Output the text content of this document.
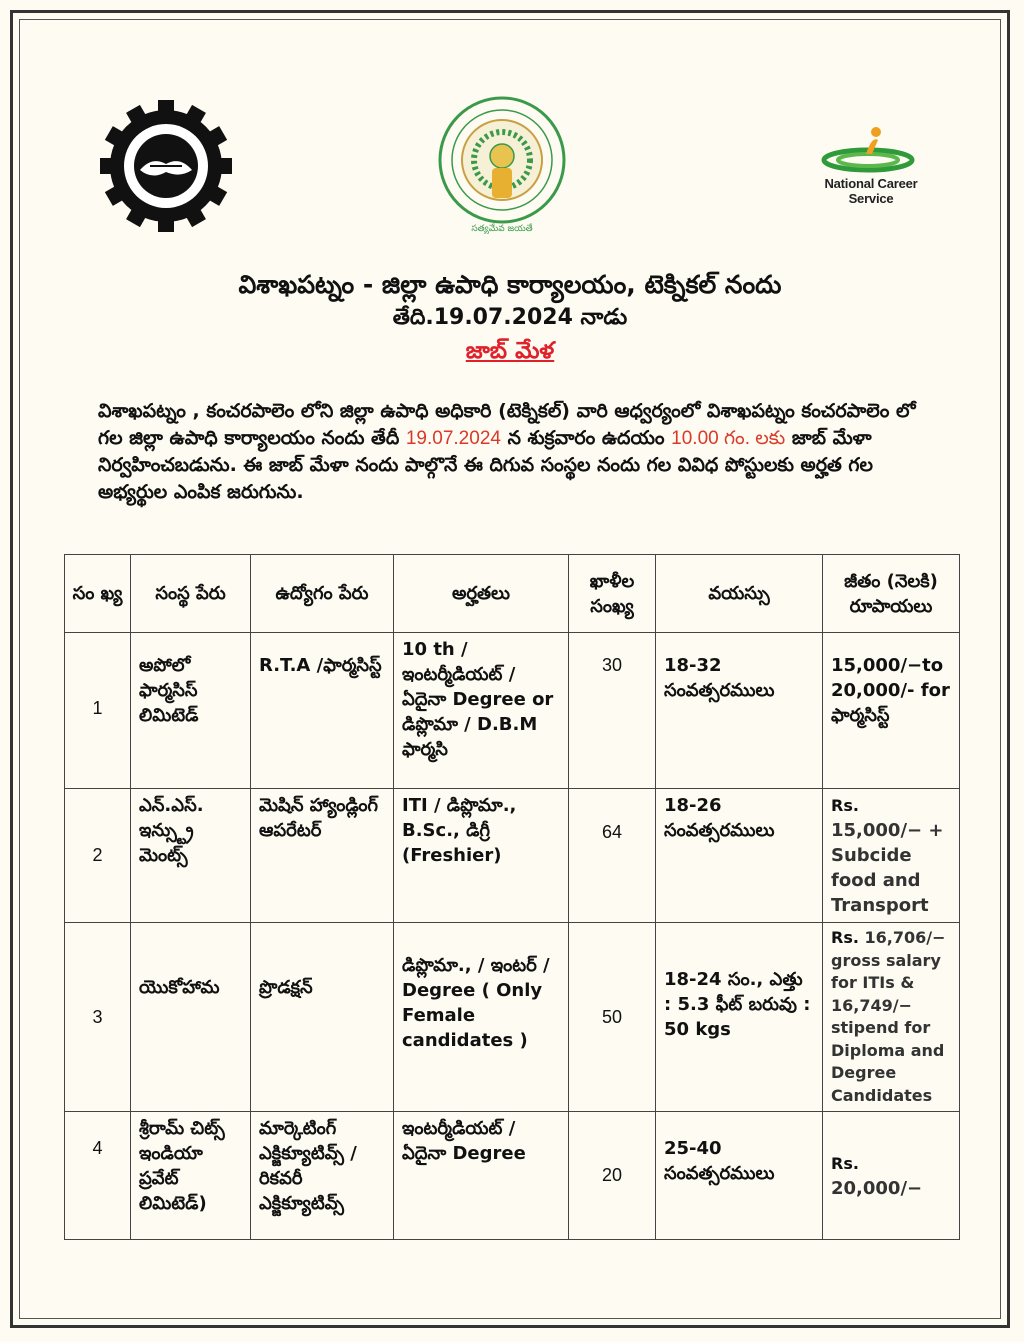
సత్యమేవ జయతే
National Career Service
విశాఖపట్నం - జిల్లా ఉపాధి కార్యాలయం, టెక్నికల్ నందు
తేది.19.07.2024 నాడు
జాబ్ మేళ
విశాఖపట్నం , కంచరపాలెం లోని జిల్లా ఉపాధి అధికారి (టెక్నికల్) వారి ఆధ్వర్యంలో విశాఖపట్నం కంచరపాలెం లో గల జిల్లా ఉపాధి కార్యాలయం నందు తేదీ 19.07.2024 న శుక్రవారం ఉదయం 10.00 గం. లకు జాబ్ మేళా నిర్వహించబడును. ఈ జాబ్ మేళా నందు పాల్గొనే ఈ దిగువ సంస్థల నందు గల వివిధ పోస్టులకు అర్హత గల అభ్యర్థుల ఎంపిక జరుగును.
సం ఖ్య	సంస్థ పేరు	ఉద్యోగం పేరు	అర్హతలు	ఖాళీల సంఖ్య	వయస్సు	జీతం (నెలకి) రూపాయలు
1	అపోలో ఫార్మసిస్ లిమిటెడ్	R.T.A /ఫార్మసిస్ట్	10 th /ఇంటర్మీడియట్ / ఏదైనా Degree or డిప్లొమా / D.B.M ఫార్మసి	30	18-32 సంవత్సరములు	15,000/−to 20,000/- for ఫార్మసిస్ట్
2	ఎన్.ఎస్. ఇన్స్ట్రు మెంట్స్	మెషిన్ హ్యాండ్లింగ్ ఆపరేటర్	ITI / డిప్లొమా., B.Sc., డిగ్రీ (Freshier)	64	18-26 సంవత్సరములు	Rs.
15,000/− + Subcide food and Transport
3	యొకోహామ	ప్రొడక్షన్	డిప్లొమా., / ఇంటర్ / Degree ( Only Female candidates )	50	18-24 సం., ఎత్తు : 5.3 ఫీట్ బరువు : 50 kgs	Rs. 16,706/− gross salary for ITIs & 16,749/− stipend for Diploma and Degree Candidates
4	శ్రీరామ్ చిట్స్ ఇండియా ప్రవేట్ లిమిటెడ్)	మార్కెటింగ్ ఎక్జిక్యూటివ్స్ / రికవరీ ఎక్జిక్యూటివ్స్	ఇంటర్మీడియట్ / ఏదైనా Degree	20	25-40 సంవత్సరములు	Rs.
20,000/−
